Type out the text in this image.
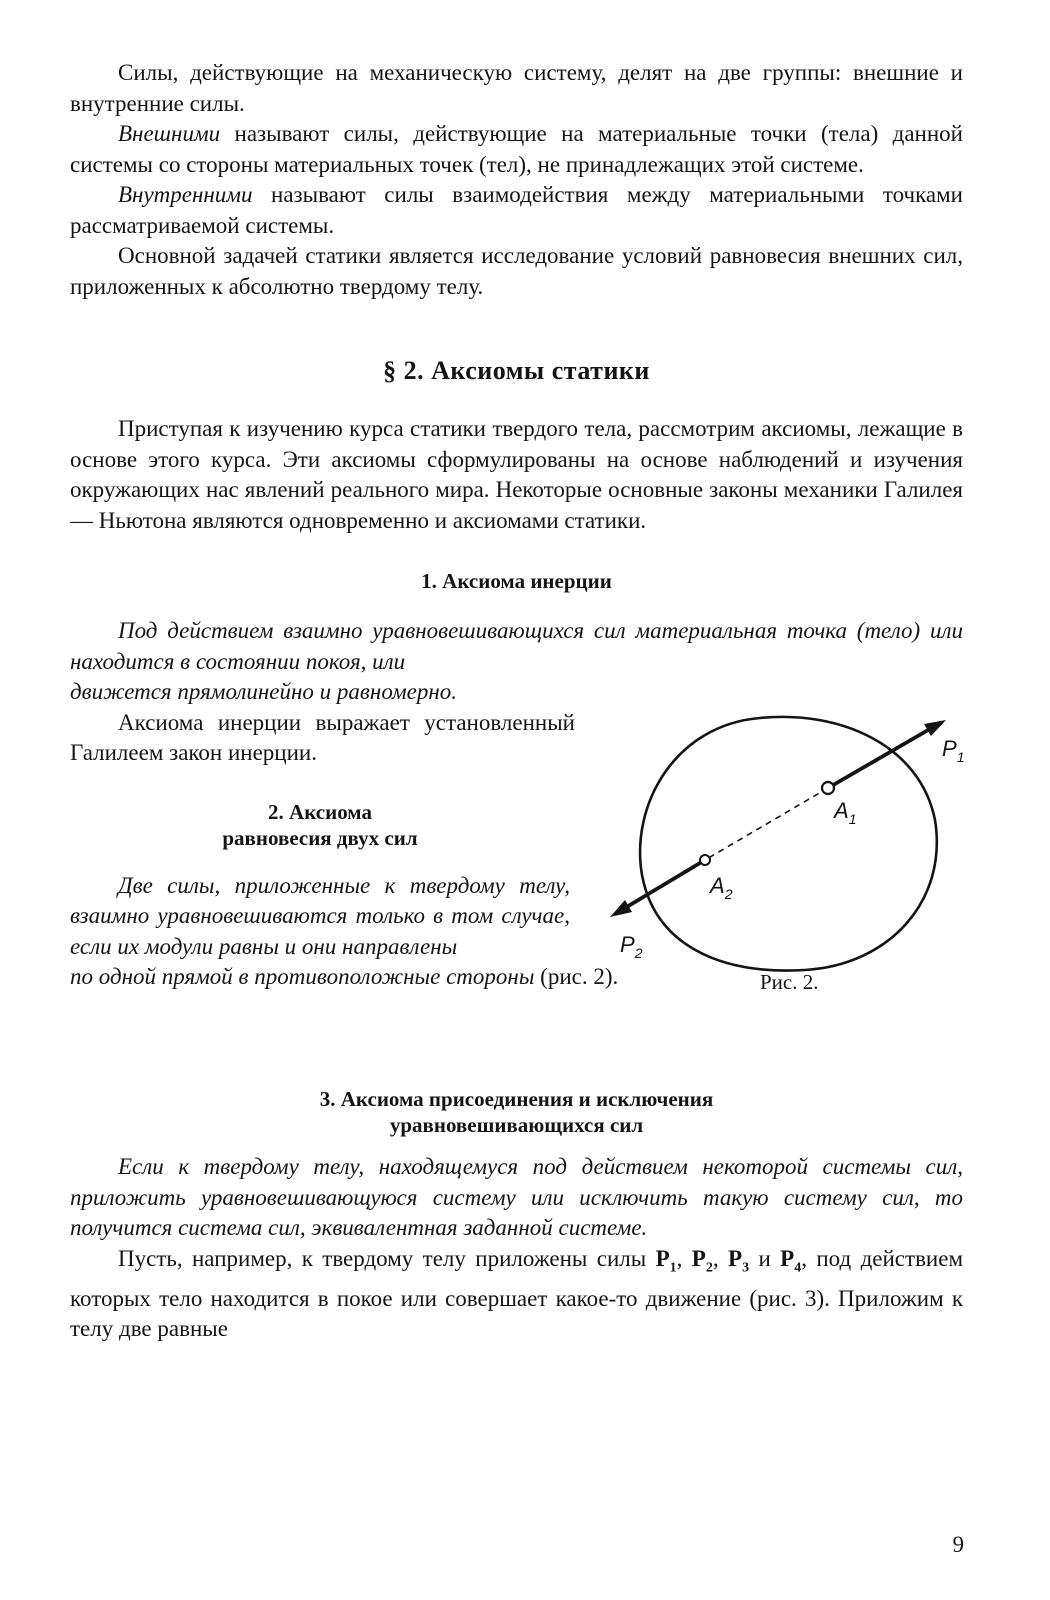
Силы, действующие на механическую систему, делят на две группы: внешние и внутренние силы.

Внешними называют силы, действующие на материальные точки (тела) данной системы со стороны материальных точек (тел), не принадлежащих этой системе.

Внутренними называют силы взаимодействия между материальными точками рассматриваемой системы.

Основной задачей статики является исследование условий равновесия внешних сил, приложенных к абсолютно твердому телу.

§ 2. Аксиомы статики

Приступая к изучению курса статики твердого тела, рассмотрим аксиомы, лежащие в основе этого курса. Эти аксиомы сформулированы на основе наблюдений и изучения окружающих нас явлений реального мира. Некоторые основные законы механики Галилея — Ньютона являются одновременно и аксиомами статики.

1. Аксиома инерции

Под действием взаимно уравновешивающихся сил материальная точка (тело) или находится в состоянии покоя, или

движется прямолинейно и равномерно.

Аксиома инерции выражает установленный Галилеем закон инерции.

2. Аксиома
равновесия двух сил

Две силы, приложенные к твердому телу, взаимно уравновешиваются только в том случае, если их модули равны и они направлены

по одной прямой в противоположные стороны (рис. 2).

$P_1$
$A_1$
$A_2$
$P_2$
Рис. 2.
3. Аксиома присоединения и исключения
уравновешивающихся сил

Если к твердому телу, находящемуся под действием некоторой системы сил, приложить уравновешивающуюся систему или исключить такую систему сил, то получится система сил, эквивалентная заданной системе.

Пусть, например, к твердому телу приложены силы $P_1$, $P_2$, $P_3$ и $P_4$, под действием которых тело находится в покое или совершает какое-то движение (рис. 3). Приложим к телу две равные

9
